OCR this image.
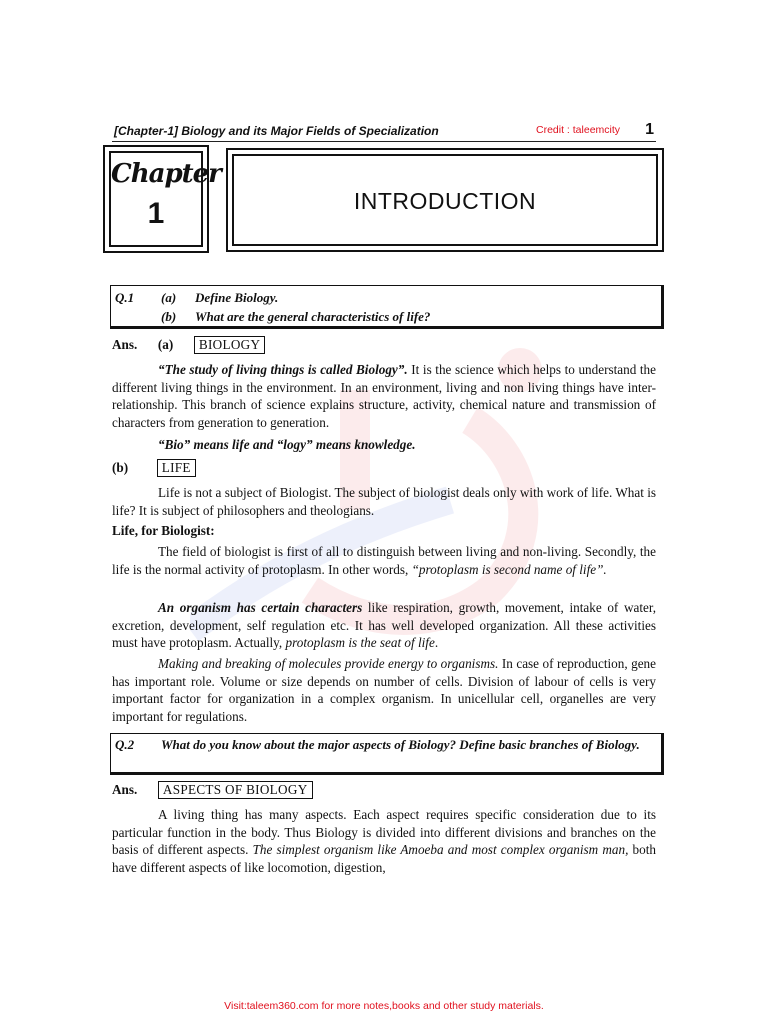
[Chapter-1] Biology and its Major Fields of Specialization	Credit : taleemcity 1
Chapter
1	INTRODUCTION
Q.1	(a)	Define Biology.
(b)	What are the general characteristics of life?
Ans. (a) BIOLOGY
“The study of living things is called Biology”. It is the science which helps to understand the different living things in the environment. In an environment, living and non living things have inter-relationship. This branch of science explains structure, activity, chemical nature and transmission of characters from generation to generation.
“Bio” means life and “logy” means knowledge.
(b)	LIFE
Life is not a subject of Biologist. The subject of biologist deals only with work of life. What is life? It is subject of philosophers and theologians.
Life, for Biologist:
The field of biologist is first of all to distinguish between living and non-living. Secondly, the life is the normal activity of protoplasm. In other words, “protoplasm is second name of life”.
An organism has certain characters like respiration, growth, movement, intake of water, excretion, development, self regulation etc. It has well developed organization. All these activities must have protoplasm. Actually, protoplasm is the seat of life.
Making and breaking of molecules provide energy to organisms. In case of reproduction, gene has important role. Volume or size depends on number of cells. Division of labour of cells is very important factor for organization in a complex organism. In unicellular cell, organelles are very important for regulations.
Q.2	What do you know about the major aspects of Biology? Define basic branches of Biology.
Ans. ASPECTS OF BIOLOGY
A living thing has many aspects. Each aspect requires specific consideration due to its particular function in the body. Thus Biology is divided into different divisions and branches on the basis of different aspects. The simplest organism like Amoeba and most complex organism man, both have different aspects of like locomotion, digestion,
Visit:taleem360.com for more notes,books and other study materials.
